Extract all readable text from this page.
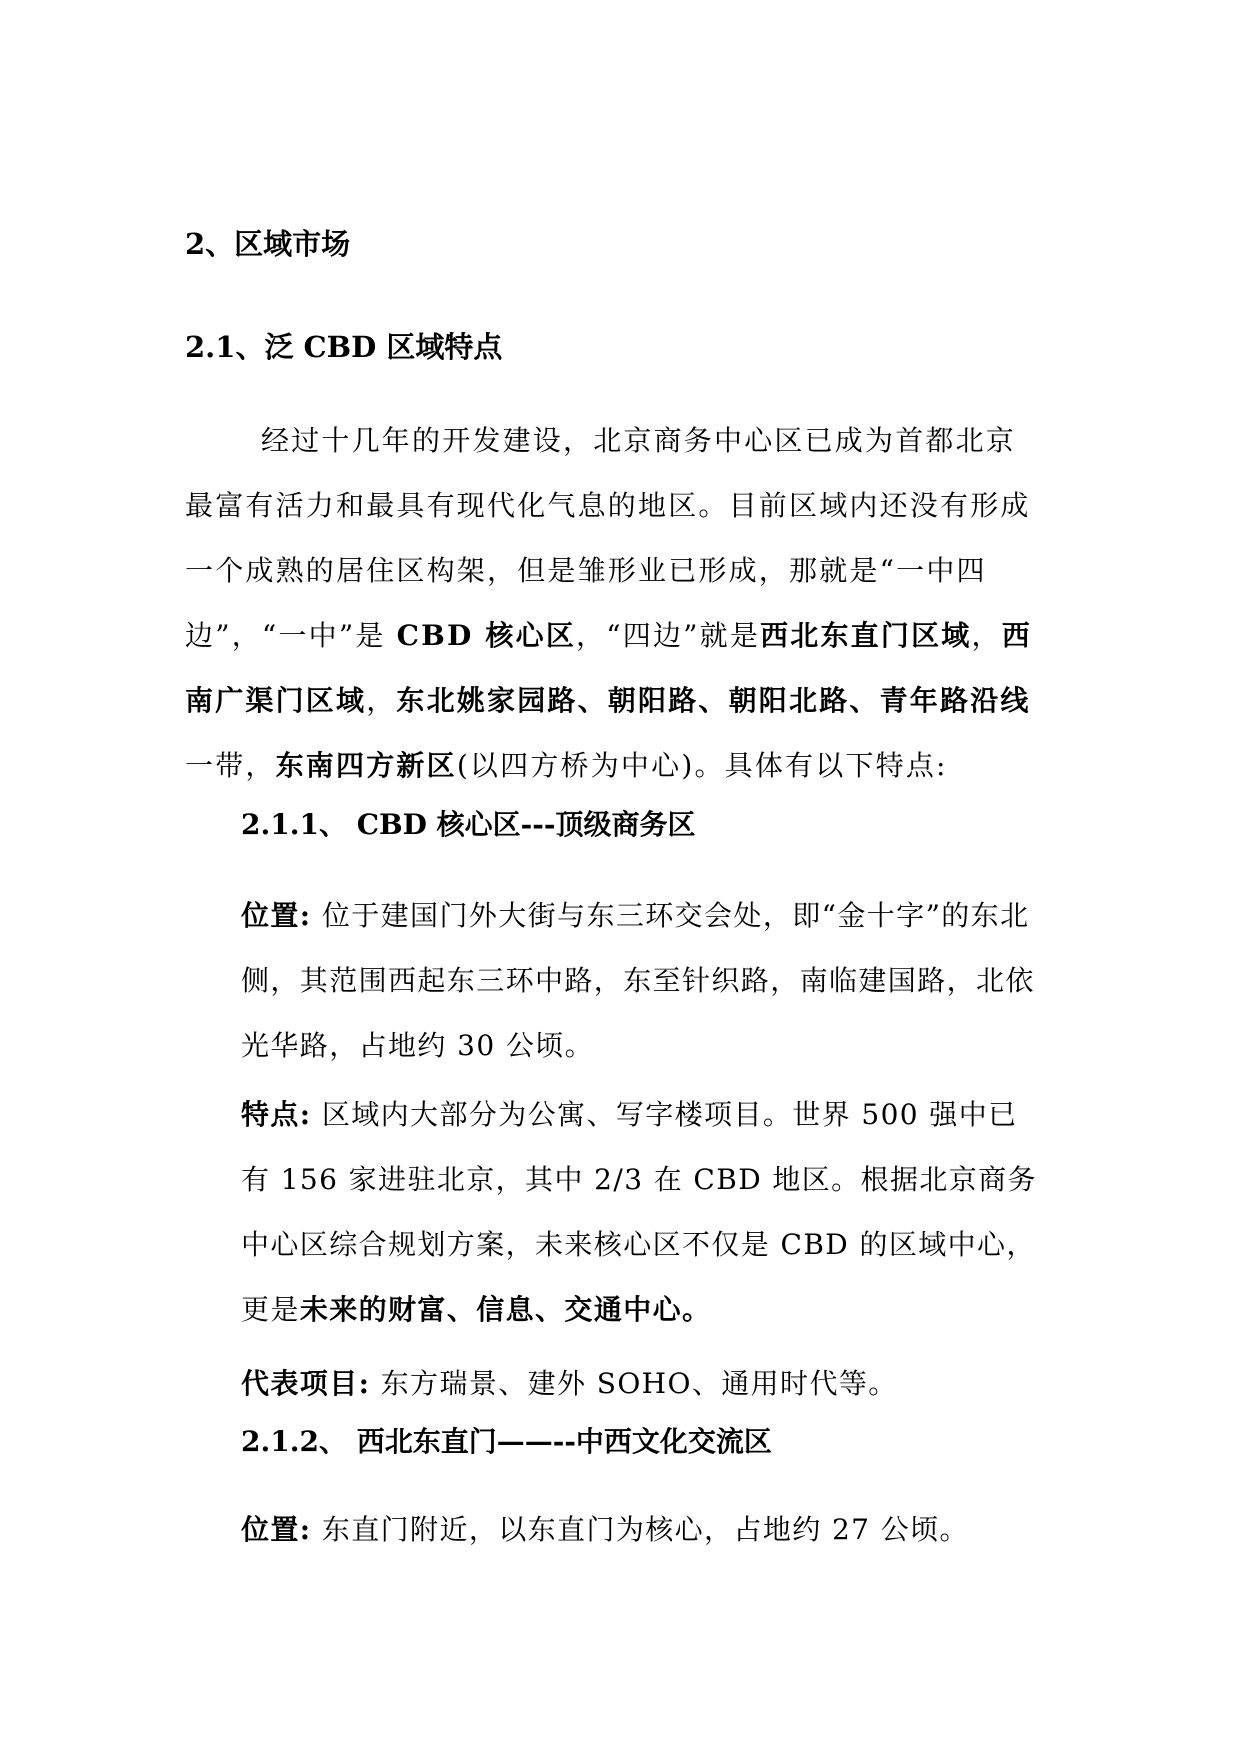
2、区域市场
2.1、泛 CBD 区域特点

经过十几年的开发建设，北京商务中心区已成为首都北京最富有活力和最具有现代化气息的地区。目前区域内还没有形成一个成熟的居住区构架，但是雏形业已形成，那就是“一中四边”，“一中”是 CBD 核心区，“四边”就是西北东直门区域，西南广渠门区域，东北姚家园路、朝阳路、朝阳北路、青年路沿线一带，东南四方新区(以四方桥为中心)。具体有以下特点:

2.1.1、 CBD 核心区---顶级商务区

位置: 位于建国门外大街与东三环交会处，即“金十字”的东北侧，其范围西起东三环中路，东至针织路，南临建国路，北依光华路，占地约 30 公顷。

特点: 区域内大部分为公寓、写字楼项目。世界 500 强中已有 156 家进驻北京，其中 2/3 在 CBD 地区。根据北京商务中心区综合规划方案，未来核心区不仅是 CBD 的区域中心，更是未来的财富、信息、交通中心。

代表项目: 东方瑞景、建外 SOHO、通用时代等。

2.1.2、 西北东直门——--中西文化交流区

位置: 东直门附近，以东直门为核心，占地约 27 公顷。
